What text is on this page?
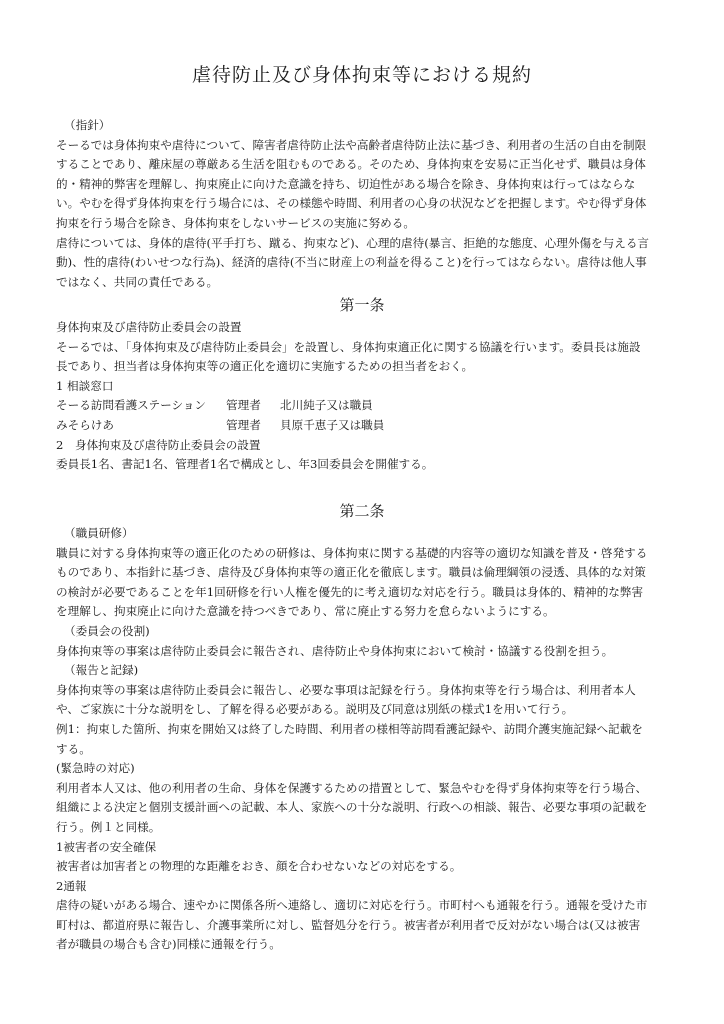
虐待防止及び身体拘束等における規約

（指針）

そーるでは身体拘束や虐待について、障害者虐待防止法や高齢者虐待防止法に基づき、利用者の生活の自由を制限

することであり、離床屋の尊厳ある生活を阻むものである。そのため、身体拘束を安易に正当化せず、職員は身体

的・精神的弊害を理解し、拘束廃止に向けた意識を持ち、切迫性がある場合を除き、身体拘束は行ってはならな

い。やむを得ず身体拘束を行う場合には、その様態や時間、利用者の心身の状況などを把握します。やむ得ず身体

拘束を行う場合を除き、身体拘束をしないサービスの実施に努める。

虐待については、身体的虐待(平手打ち、蹴る、拘束など)、心理的虐待(暴言、拒絶的な態度、心理外傷を与える言

動)、性的虐待(わいせつな行為)、経済的虐待(不当に財産上の利益を得ること)を行ってはならない。虐待は他人事

ではなく、共同の責任である。

第一条

身体拘束及び虐待防止委員会の設置

そーるでは、「身体拘束及び虐待防止委員会」を設置し、身体拘束適正化に関する協議を行います。委員長は施設

長であり、担当者は身体拘束等の適正化を適切に実施するための担当者をおく。

1 相談窓口

そーる訪問看護ステーション	管理者	北川純子又は職員
みそらけあ	管理者	貝原千恵子又は職員

2　身体拘束及び虐待防止委員会の設置

委員長1名、書記1名、管理者1名で構成とし、年3回委員会を開催する。

第二条

（職員研修）

職員に対する身体拘束等の適正化のための研修は、身体拘束に関する基礎的内容等の適切な知識を普及・啓発する

ものであり、本指針に基づき、虐待及び身体拘束等の適正化を徹底します。職員は倫理綱領の浸透、具体的な対策

の検討が必要であることを年1回研修を行い人権を優先的に考え適切な対応を行う。職員は身体的、精神的な弊害

を理解し、拘束廃止に向けた意識を持つべきであり、常に廃止する努力を怠らないようにする。

（委員会の役割)

身体拘束等の事案は虐待防止委員会に報告され、虐待防止や身体拘束において検討・協議する役割を担う。

（報告と記録)

身体拘束等の事案は虐待防止委員会に報告し、必要な事項は記録を行う。身体拘束等を行う場合は、利用者本人

や、ご家族に十分な説明をし、了解を得る必要がある。説明及び同意は別紙の様式1を用いて行う。

例1：拘束した箇所、拘束を開始又は終了した時間、利用者の様相等訪問看護記録や、訪問介護実施記録へ記載を

する。

(緊急時の対応)

利用者本人又は、他の利用者の生命、身体を保護するための措置として、緊急やむを得ず身体拘束等を行う場合、

組織による決定と個別支援計画への記載、本人、家族への十分な説明、行政への相談、報告、必要な事項の記載を

行う。例１と同様。

1被害者の安全確保

被害者は加害者との物理的な距離をおき、顔を合わせないなどの対応をする。

2通報

虐待の疑いがある場合、速やかに関係各所へ連絡し、適切に対応を行う。市町村へも通報を行う。通報を受けた市

町村は、都道府県に報告し、介護事業所に対し、監督処分を行う。被害者が利用者で反対がない場合は(又は被害

者が職員の場合も含む)同様に通報を行う。
